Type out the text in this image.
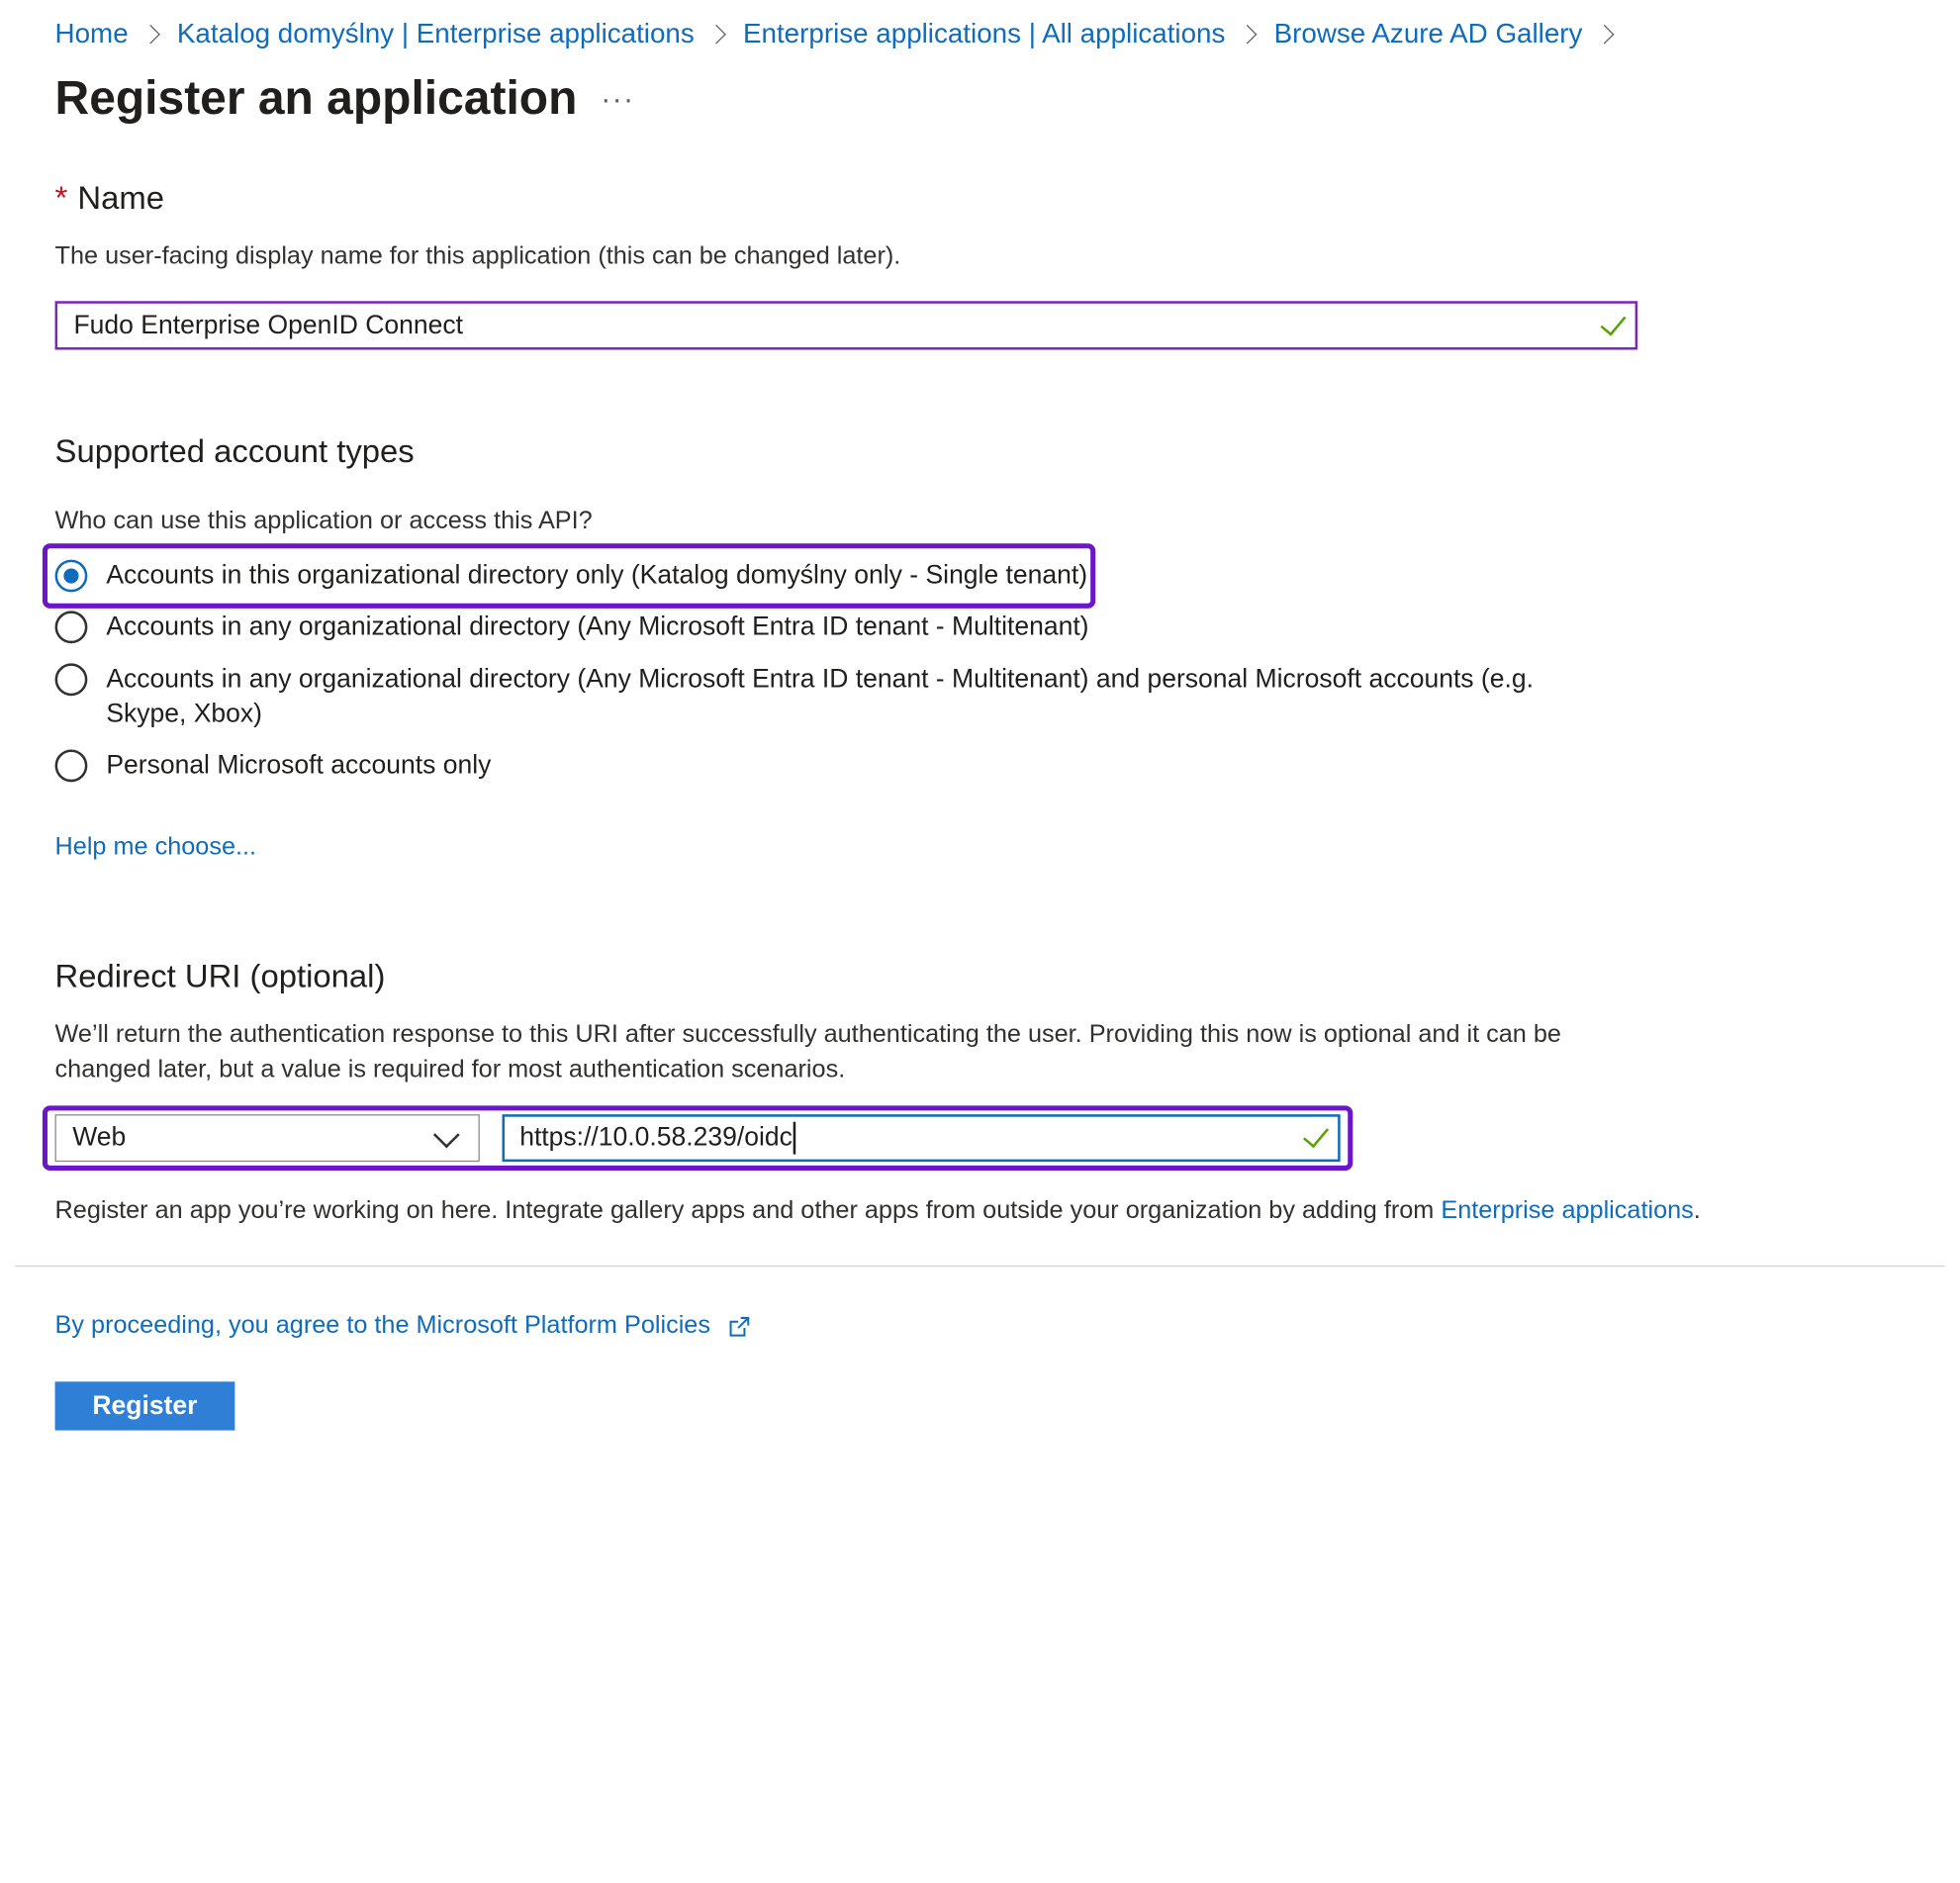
Home Katalog domyślny | Enterprise applications Enterprise applications | All applications Browse Azure AD Gallery
Register an application ···
* Name
The user-facing display name for this application (this can be changed later).
Fudo Enterprise OpenID Connect
Supported account types
Who can use this application or access this API?
Accounts in this organizational directory only (Katalog domyślny only - Single tenant)
Accounts in any organizational directory (Any Microsoft Entra ID tenant - Multitenant)
Accounts in any organizational directory (Any Microsoft Entra ID tenant - Multitenant) and personal Microsoft accounts (e.g. Skype, Xbox)
Personal Microsoft accounts only
Help me choose...
Redirect URI (optional)
We’ll return the authentication response to this URI after successfully authenticating the user. Providing this now is optional and it can be changed later, but a value is required for most authentication scenarios.
Web	https://10.0.58.239/oidc
Register an app you’re working on here. Integrate gallery apps and other apps from outside your organization by adding from Enterprise applications.
By proceeding, you agree to the Microsoft Platform Policies
Register
